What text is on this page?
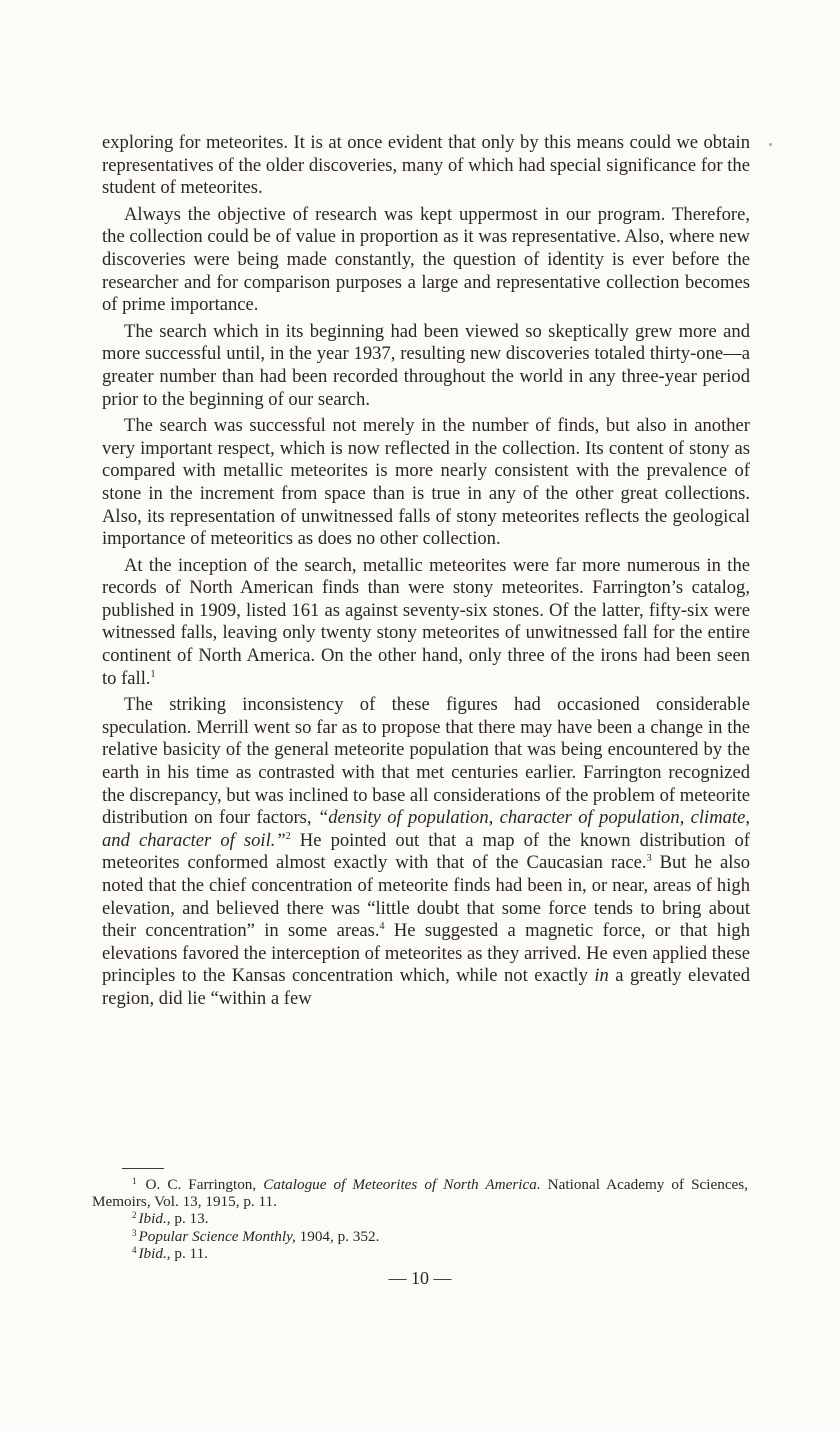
exploring for meteorites. It is at once evident that only by this means could we obtain representatives of the older discoveries, many of which had special significance for the student of meteorites.

Always the objective of research was kept uppermost in our program. Therefore, the collection could be of value in proportion as it was representative. Also, where new discoveries were being made constantly, the question of identity is ever before the researcher and for comparison purposes a large and representative collection becomes of prime importance.

The search which in its beginning had been viewed so skeptically grew more and more successful until, in the year 1937, resulting new discoveries totaled thirty-one—a greater number than had been recorded throughout the world in any three-year period prior to the beginning of our search.

The search was successful not merely in the number of finds, but also in another very important respect, which is now reflected in the collection. Its content of stony as compared with metallic meteorites is more nearly consistent with the prevalence of stone in the increment from space than is true in any of the other great collections. Also, its representation of unwitnessed falls of stony meteorites reflects the geological importance of meteoritics as does no other collection.

At the inception of the search, metallic meteorites were far more numerous in the records of North American finds than were stony meteorites. Farrington’s catalog, published in 1909, listed 161 as against seventy-six stones. Of the latter, fifty-six were witnessed falls, leaving only twenty stony meteorites of unwitnessed fall for the entire continent of North America. On the other hand, only three of the irons had been seen to fall.$^1$

The striking inconsistency of these figures had occasioned considerable speculation. Merrill went so far as to propose that there may have been a change in the relative basicity of the general meteorite population that was being encountered by the earth in his time as contrasted with that met centuries earlier. Farrington recognized the discrepancy, but was inclined to base all considerations of the problem of meteorite distribution on four factors, “density of population, character of population, climate, and character of soil.”$^2$ He pointed out that a map of the known distribution of meteorites conformed almost exactly with that of the Caucasian race.$^3$ But he also noted that the chief concentration of meteorite finds had been in, or near, areas of high elevation, and believed there was “little doubt that some force tends to bring about their concentration” in some areas.$^4$ He suggested a magnetic force, or that high elevations favored the interception of meteorites as they arrived. He even applied these principles to the Kansas concentration which, while not exactly in a greatly elevated region, did lie “within a few

$^1$ O. C. Farrington, Catalogue of Meteorites of North America. National Academy of Sciences, Memoirs, Vol. 13, 1915, p. 11.

$^2$ Ibid., p. 13.

$^3$ Popular Science Monthly, 1904, p. 352.

$^4$ Ibid., p. 11.

— 10 —
